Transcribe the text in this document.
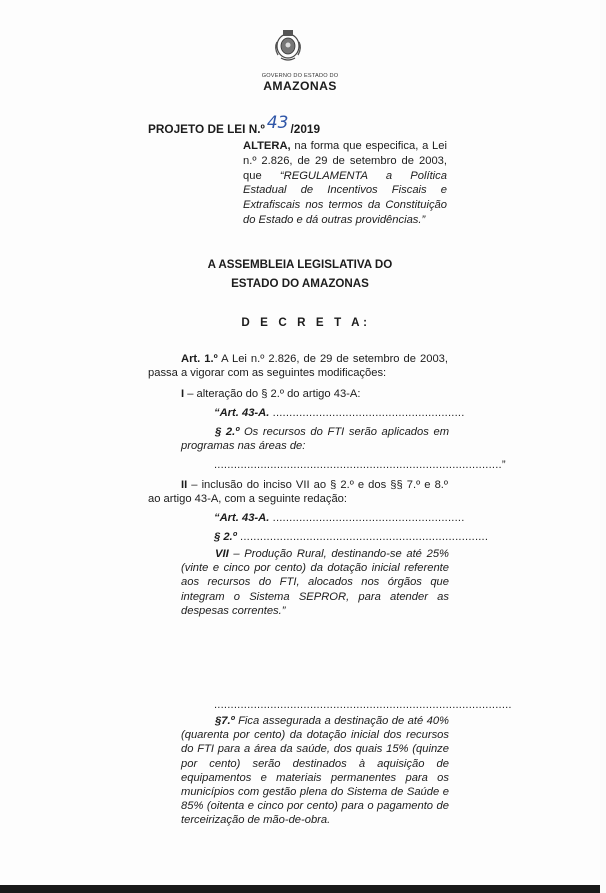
GOVERNO DO ESTADO DO
AMAZONAS
PROJETO DE LEI N.º 43 /2019
ALTERA, na forma que especifica, a Lei n.º 2.826, de 29 de setembro de 2003, que “REGULAMENTA a Política Estadual de Incentivos Fiscais e Extrafiscais nos termos da Constituição do Estado e dá outras providências.”
A ASSEMBLEIA LEGISLATIVA DO
ESTADO DO AMAZONAS
D E C R E T A:
Art. 1.º A Lei n.º 2.826, de 29 de setembro de 2003, passa a vigorar com as seguintes modificações:
I – alteração do § 2.º do artigo 43-A:
“Art. 43-A. ..........................................................
§ 2.º Os recursos do FTI serão aplicados em programas nas áreas de:
.......................................................................................”
II – inclusão do inciso VII ao § 2.º e dos §§ 7.º e 8.º ao artigo 43-A, com a seguinte redação:
“Art. 43-A. ..........................................................
§ 2.º ...........................................................................
VII – Produção Rural, destinando-se até 25% (vinte e cinco por cento) da dotação inicial referente aos recursos do FTI, alocados nos órgãos que integram o Sistema SEPROR, para atender as despesas correntes.”
..........................................................................................
§7.º Fica assegurada a destinação de até 40% (quarenta por cento) da dotação inicial dos recursos do FTI para a área da saúde, dos quais 15% (quinze por cento) serão destinados à aquisição de equipamentos e materiais permanentes para os municípios com gestão plena do Sistema de Saúde e 85% (oitenta e cinco por cento) para o pagamento de terceirização de mão-de-obra.
